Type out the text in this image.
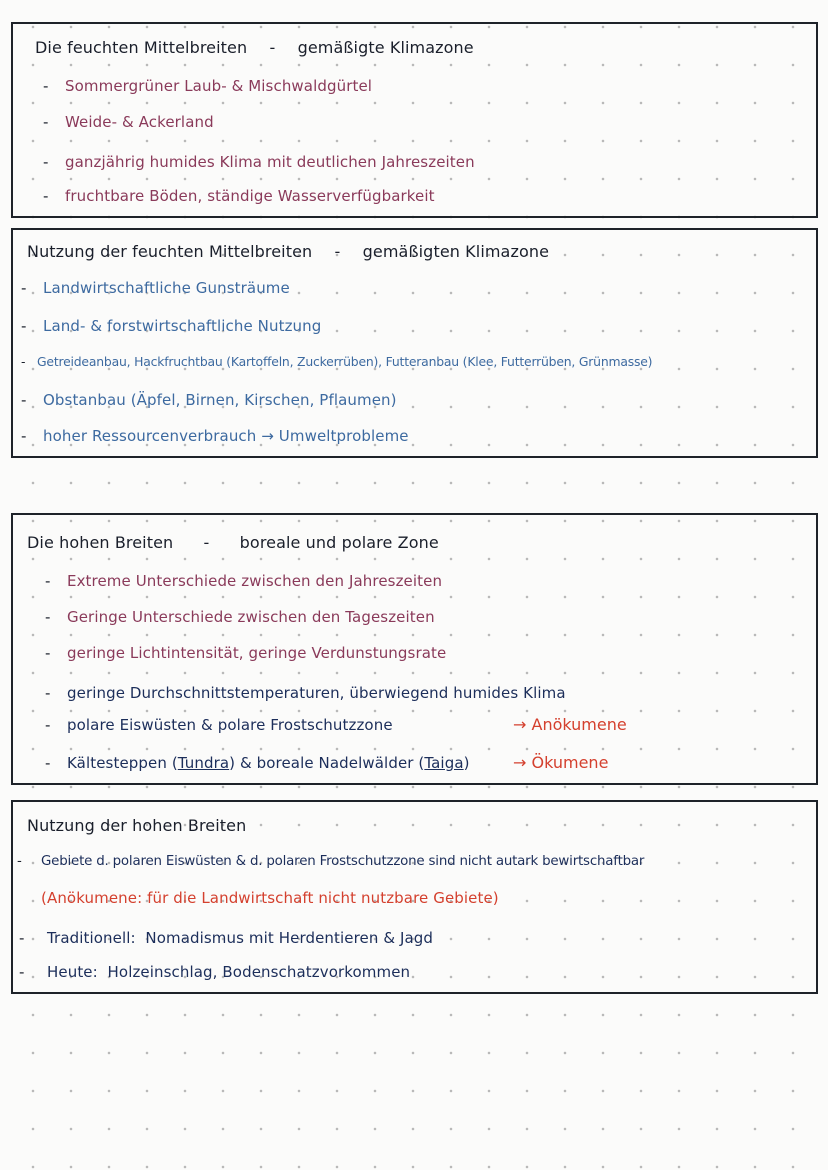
Die feuchten Mittelbreiten - gemäßigte Klimazone
- Sommergrüner Laub- & Mischwaldgürtel
- Weide- & Ackerland
- ganzjährig humides Klima mit deutlichen Jahreszeiten
- fruchtbare Böden, ständige Wasserverfügbarkeit
Nutzung der feuchten Mittelbreiten - gemäßigten Klimazone
- Landwirtschaftliche Gunsträume
- Land- & forstwirtschaftliche Nutzung
- Getreideanbau, Hackfruchtbau (Kartoffeln, Zuckerrüben), Futteranbau (Klee, Futterrüben, Grünmasse)
- Obstanbau (Äpfel, Birnen, Kirschen, Pflaumen)
- hoher Ressourcenverbrauch → Umweltprobleme
Die hohen Breiten - boreale und polare Zone
- Extreme Unterschiede zwischen den Jahreszeiten
- Geringe Unterschiede zwischen den Tageszeiten
- geringe Lichtintensität, geringe Verdunstungsrate
- geringe Durchschnittstemperaturen, überwiegend humides Klima
- polare Eiswüsten & polare Frostschutzzone	→ Anökumene
- Kältesteppen (Tundra) & boreale Nadelwälder (Taiga)	→ Ökumene
Nutzung der hohen Breiten
- Gebiete d. polaren Eiswüsten & d. polaren Frostschutzzone sind nicht autark bewirtschaftbar
(Anökumene: für die Landwirtschaft nicht nutzbare Gebiete)
- Traditionell: Nomadismus mit Herdentieren & Jagd
- Heute: Holzeinschlag, Bodenschatzvorkommen
